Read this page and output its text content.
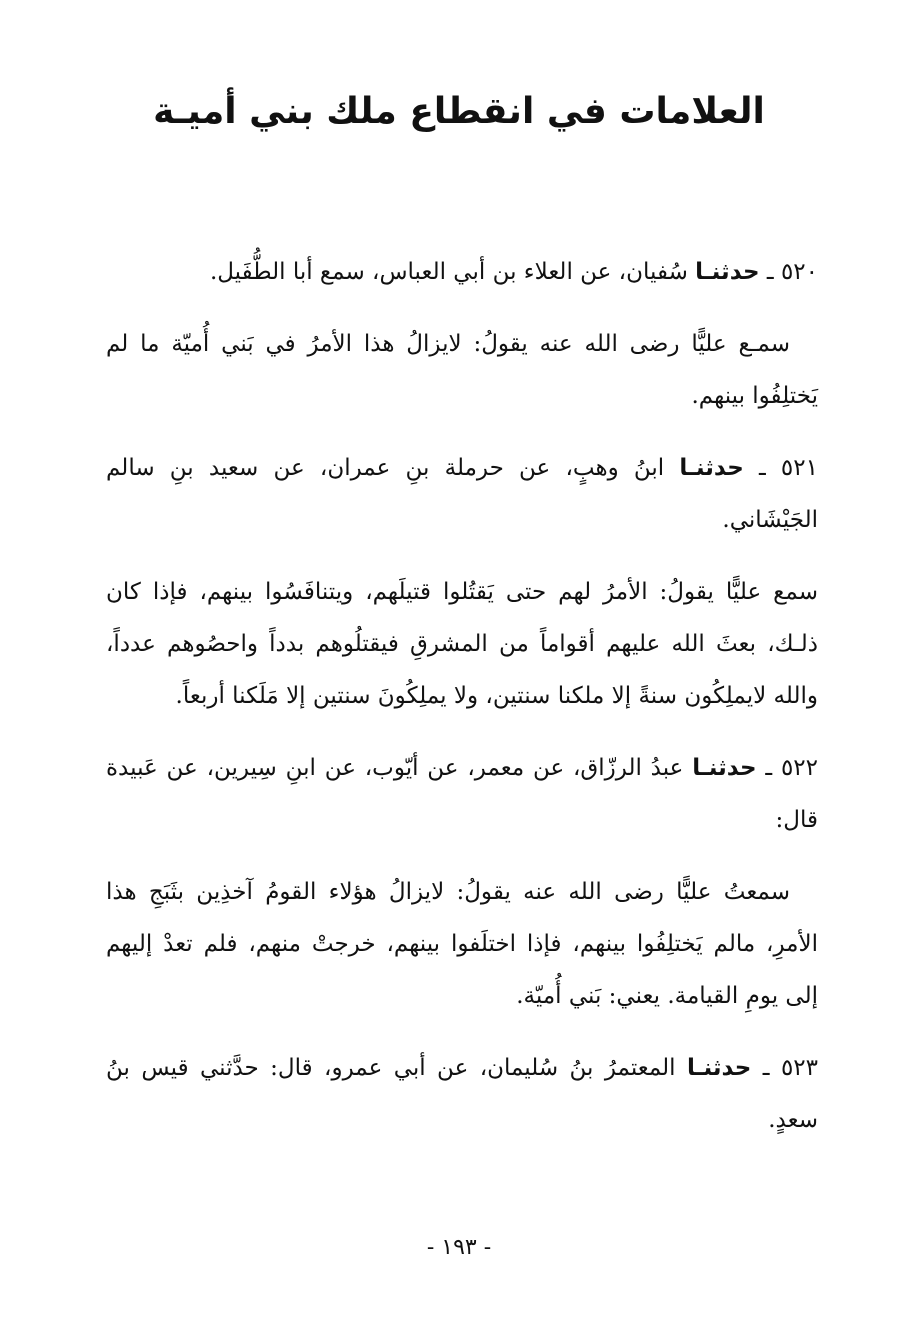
العلامات في انقطاع ملك بني أميـة

٥٢٠ ـ حدثنـا سُفيان، عن العلاء بن أبي العباس، سمع أبا الطُّفَيل.

سمـع عليًّا رضى الله عنه يقولُ: لايزالُ هذا الأمرُ في بَني أُميّة ما لم يَختلِفُوا بينهم.

٥٢١ ـ حدثنـا ابنُ وهبٍ، عن حرملة بنِ عمران، عن سعيد بنِ سالم الجَيْشَاني.

سمع عليًّا يقولُ: الأمرُ لهم حتى يَقتُلوا قتيلَهم، ويتنافَسُوا بينهم، فإذا كان ذلـك، بعثَ الله عليهم أقواماً من المشرقِ فيقتلُوهم بدداً واحصُوهم عدداً، والله لايملِكُون سنةً إلا ملكنا سنتين، ولا يملِكُونَ سنتين إلا مَلَكنا أربعاً.

٥٢٢ ـ حدثنـا عبدُ الرزّاق، عن معمر، عن أيّوب، عن ابنِ سِيرين، عن عَبيدة قال:

سمعتُ عليًّا رضى الله عنه يقولُ: لايزالُ هؤلاء القومُ آخذِين بثَبَجِ هذا الأمرِ، مالم يَختلِفُوا بينهم، فإذا اختلَفوا بينهم، خرجتْ منهم، فلم تعدْ إليهم إلى يومِ القيامة. يعني: بَني أُميّة.

٥٢٣ ـ حدثنـا المعتمرُ بنُ سُليمان، عن أبي عمرو، قال: حدَّثني قيس بنُ سعدٍ.

- ١٩٣ -
